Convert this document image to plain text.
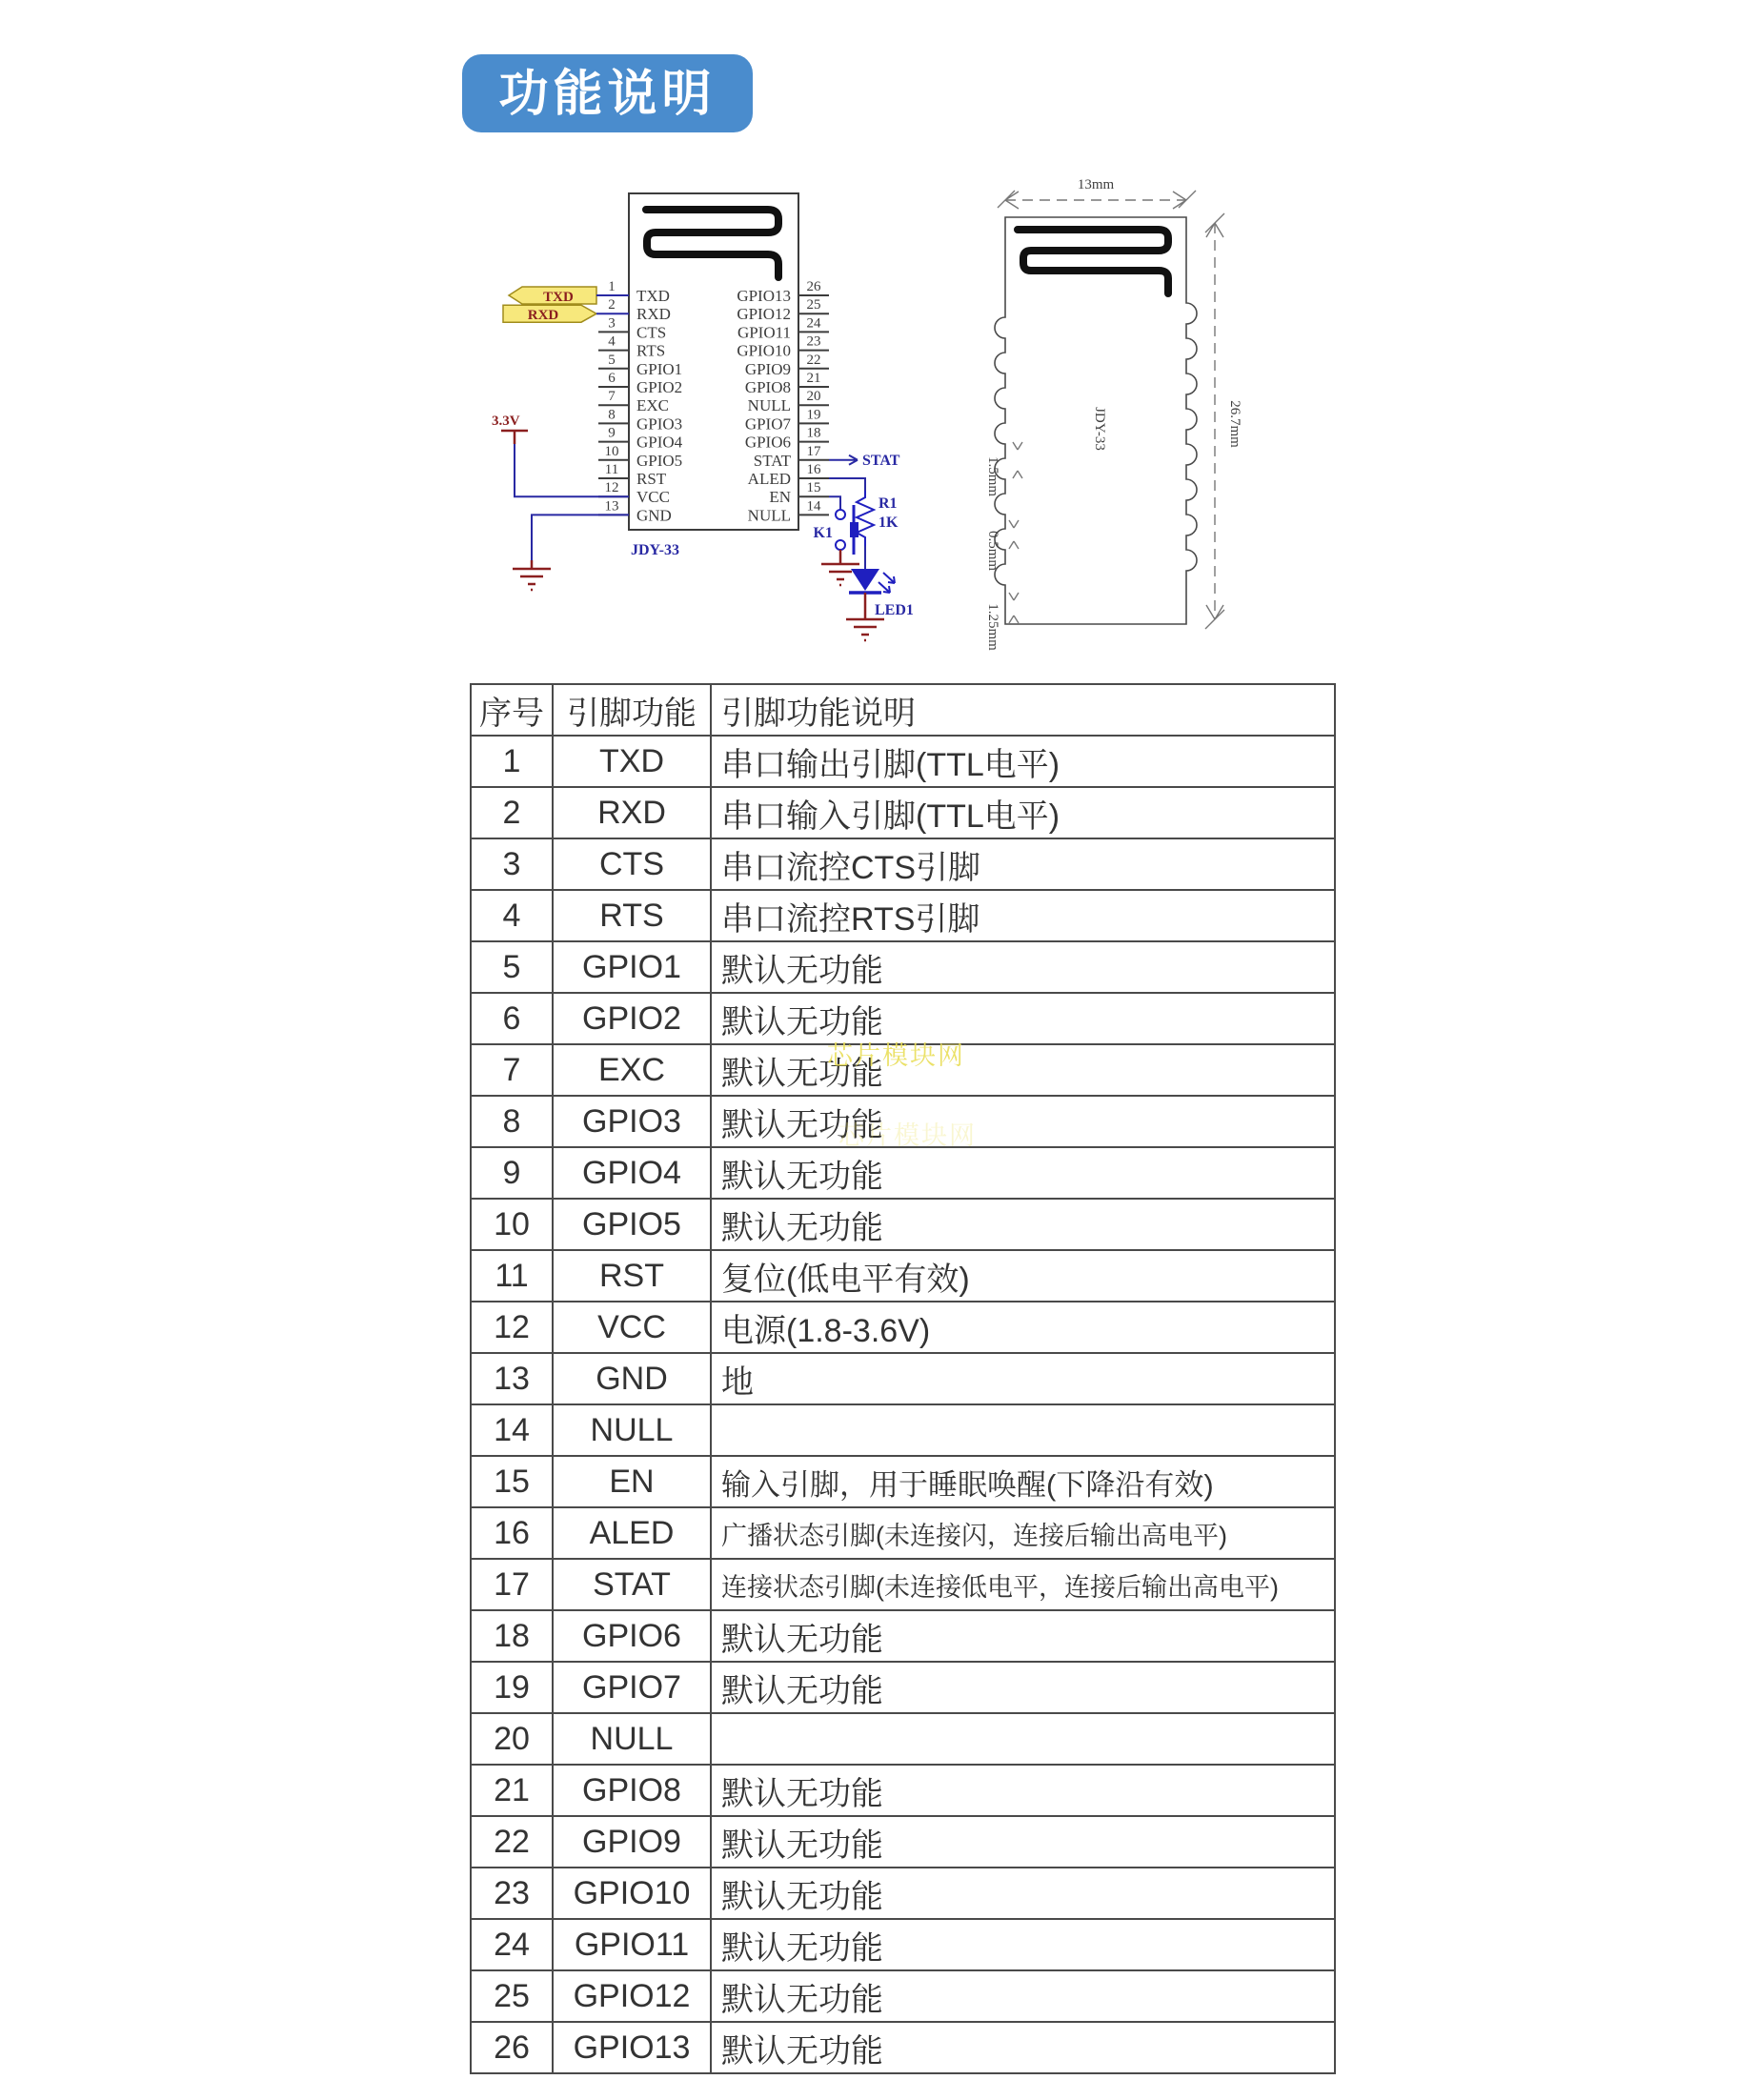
功能说明
1 TXD
2 RXD
3 CTS
4 RTS
5 GPIO1
6 GPIO2
7 EXC
8 GPIO3
9 GPIO4
10 GPIO5
11 RST
12 VCC
13 GND
26
GPIO13
25
GPIO12
24
GPIO11
23
GPIO10
22
GPIO9
21
GPIO8
20
NULL
19
GPIO7
18
GPIO6
17
STAT
16
ALED
15
EN
14
NULL
TXD
RXD
3.3V
JDY-33
STAT
R1
1K
LED1
K1
13mm
JDY-33	26.7mm
1.5mm
0.5mm
1.25mm
序号	引脚功能	引脚功能说明
1	TXD	串口输出引脚(TTL电平)
2	RXD	串口输入引脚(TTL电平)
3	CTS	串口流控CTS引脚
4	RTS	串口流控RTS引脚
5	GPIO1	默认无功能
6	GPIO2	默认无功能
7	EXC	默认无功能
8	GPIO3	默认无功能
9	GPIO4	默认无功能
10	GPIO5	默认无功能
11	RST	复位(低电平有效)
12	VCC	电源(1.8-3.6V)
13	GND	地
14	NULL	
15	EN	输入引脚，用于睡眠唤醒(下降沿有效)
16	ALED	广播状态引脚(未连接闪，连接后输出高电平)
17	STAT	连接状态引脚(未连接低电平，连接后输出高电平)
18	GPIO6	默认无功能
19	GPIO7	默认无功能
20	NULL	
21	GPIO8	默认无功能
22	GPIO9	默认无功能
23	GPIO10	默认无功能
24	GPIO11	默认无功能
25	GPIO12	默认无功能
26	GPIO13	默认无功能
芯片模块网
芯片模块网
